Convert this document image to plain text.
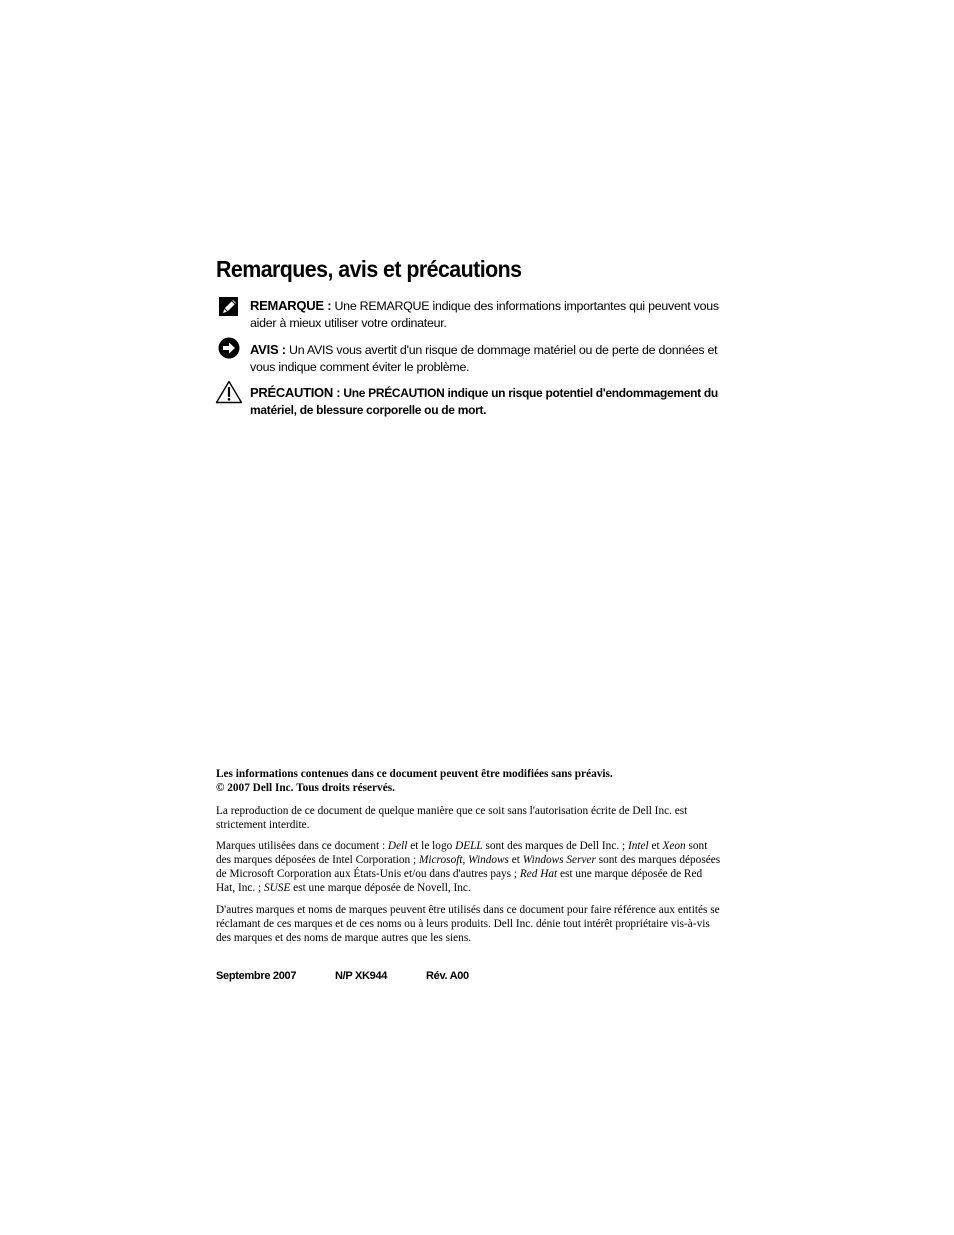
Remarques, avis et précautions
REMARQUE : Une REMARQUE indique des informations importantes qui peuvent vous aider à mieux utiliser votre ordinateur.
AVIS : Un AVIS vous avertit d'un risque de dommage matériel ou de perte de données et vous indique comment éviter le problème.
PRÉCAUTION : Une PRÉCAUTION indique un risque potentiel d'endommagement du matériel, de blessure corporelle ou de mort.

Les informations contenues dans ce document peuvent être modifiées sans préavis.

© 2007 Dell Inc. Tous droits réservés.

La reproduction de ce document de quelque manière que ce soit sans l'autorisation écrite de Dell Inc. est strictement interdite.

Marques utilisées dans ce document : Dell et le logo DELL sont des marques de Dell Inc. ; Intel et Xeon sont des marques déposées de Intel Corporation ; Microsoft, Windows et Windows Server sont des marques déposées de Microsoft Corporation aux États-Unis et/ou dans d'autres pays ; Red Hat est une marque déposée de Red Hat, Inc. ; SUSE est une marque déposée de Novell, Inc.

D'autres marques et noms de marques peuvent être utilisés dans ce document pour faire référence aux entités se réclamant de ces marques et de ces noms ou à leurs produits. Dell Inc. dénie tout intérêt propriétaire vis-à-vis des marques et des noms de marque autres que les siens.

Septembre 2007	N/P XK944	Rév. A00
